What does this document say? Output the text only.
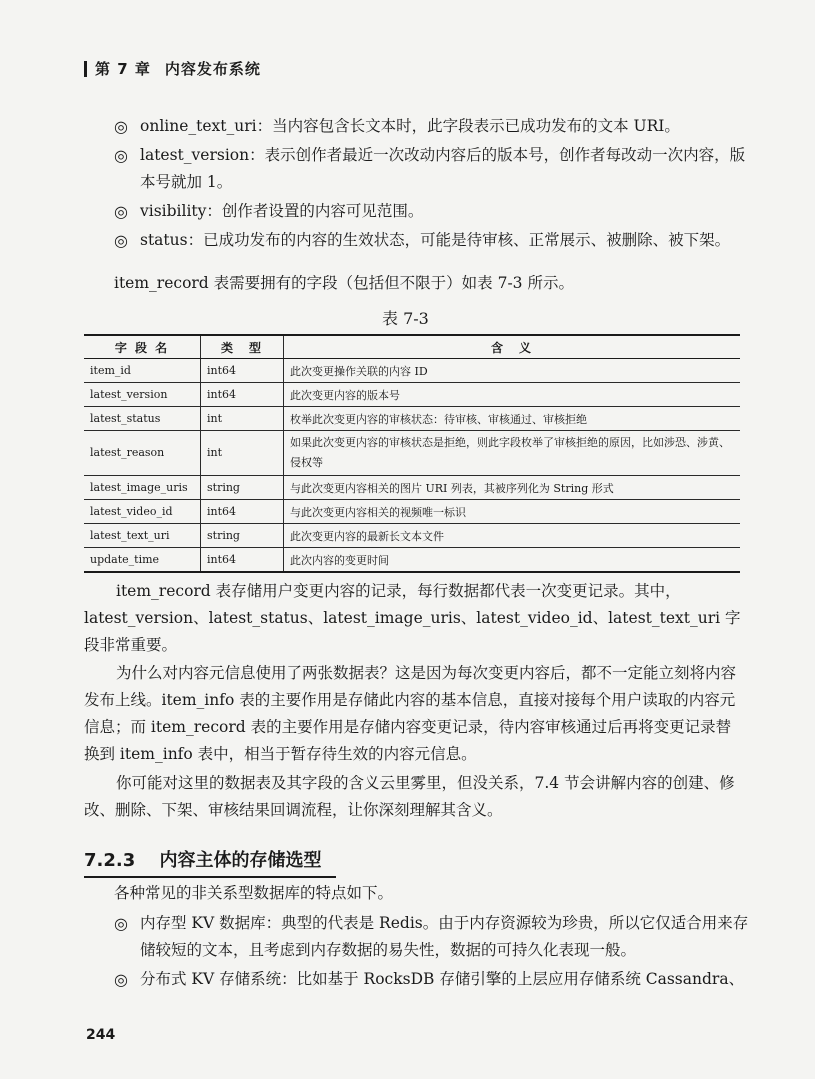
第 7 章 内容发布系统
◎ online_text_uri：当内容包含长文本时，此字段表示已成功发布的文本 URI。
◎ latest_version：表示创作者最近一次改动内容后的版本号，创作者每改动一次内容，版本号就加 1。
◎ visibility：创作者设置的内容可见范围。
◎ status：已成功发布的内容的生效状态，可能是待审核、正常展示、被删除、被下架。
item_record 表需要拥有的字段（包括但不限于）如表 7-3 所示。
表 7-3
字 段 名	类　型	含　义
item_id	int64	此次变更操作关联的内容 ID
latest_version	int64	此次变更内容的版本号
latest_status	int	枚举此次变更内容的审核状态：待审核、审核通过、审核拒绝
latest_reason	int	如果此次变更内容的审核状态是拒绝，则此字段枚举了审核拒绝的原因，比如涉恐、涉黄、侵权等
latest_image_uris	string	与此次变更内容相关的图片 URI 列表，其被序列化为 String 形式
latest_video_id	int64	与此次变更内容相关的视频唯一标识
latest_text_uri	string	此次变更内容的最新长文本文件
update_time	int64	此次内容的变更时间
item_record 表存储用户变更内容的记录，每行数据都代表一次变更记录。其中，latest_version、latest_status、latest_image_uris、latest_video_id、latest_text_uri 字段非常重要。
为什么对内容元信息使用了两张数据表？这是因为每次变更内容后，都不一定能立刻将内容发布上线。item_info 表的主要作用是存储此内容的基本信息，直接对接每个用户读取的内容元信息；而 item_record 表的主要作用是存储内容变更记录，待内容审核通过后再将变更记录替换到 item_info 表中，相当于暂存待生效的内容元信息。
你可能对这里的数据表及其字段的含义云里雾里，但没关系，7.4 节会讲解内容的创建、修改、删除、下架、审核结果回调流程，让你深刻理解其含义。
7.2.3 内容主体的存储选型
各种常见的非关系型数据库的特点如下。
◎ 内存型 KV 数据库：典型的代表是 Redis。由于内存资源较为珍贵，所以它仅适合用来存储较短的文本，且考虑到内存数据的易失性，数据的可持久化表现一般。
◎ 分布式 KV 存储系统：比如基于 RocksDB 存储引擎的上层应用存储系统 Cassandra、
244
